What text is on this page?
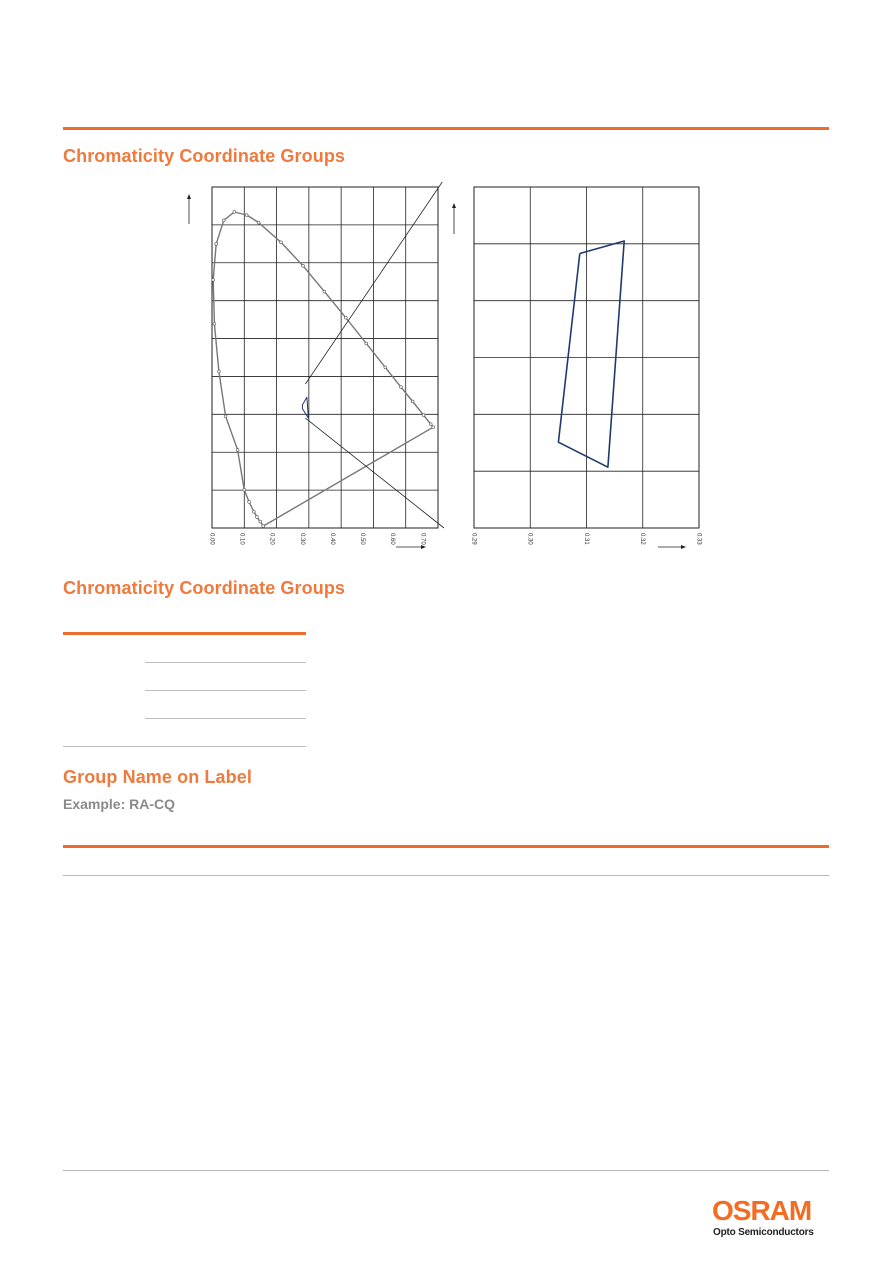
Chromaticity Coordinate Groups
0.00	0.10	0.20	0.30	0.40	0.50	0.60	0.70	0.29	0.30	0.31	0.32	0.33
Chromaticity Coordinate Groups
Group Name on Label
Example: RA-CQ
OSRAM
Opto Semiconductors
